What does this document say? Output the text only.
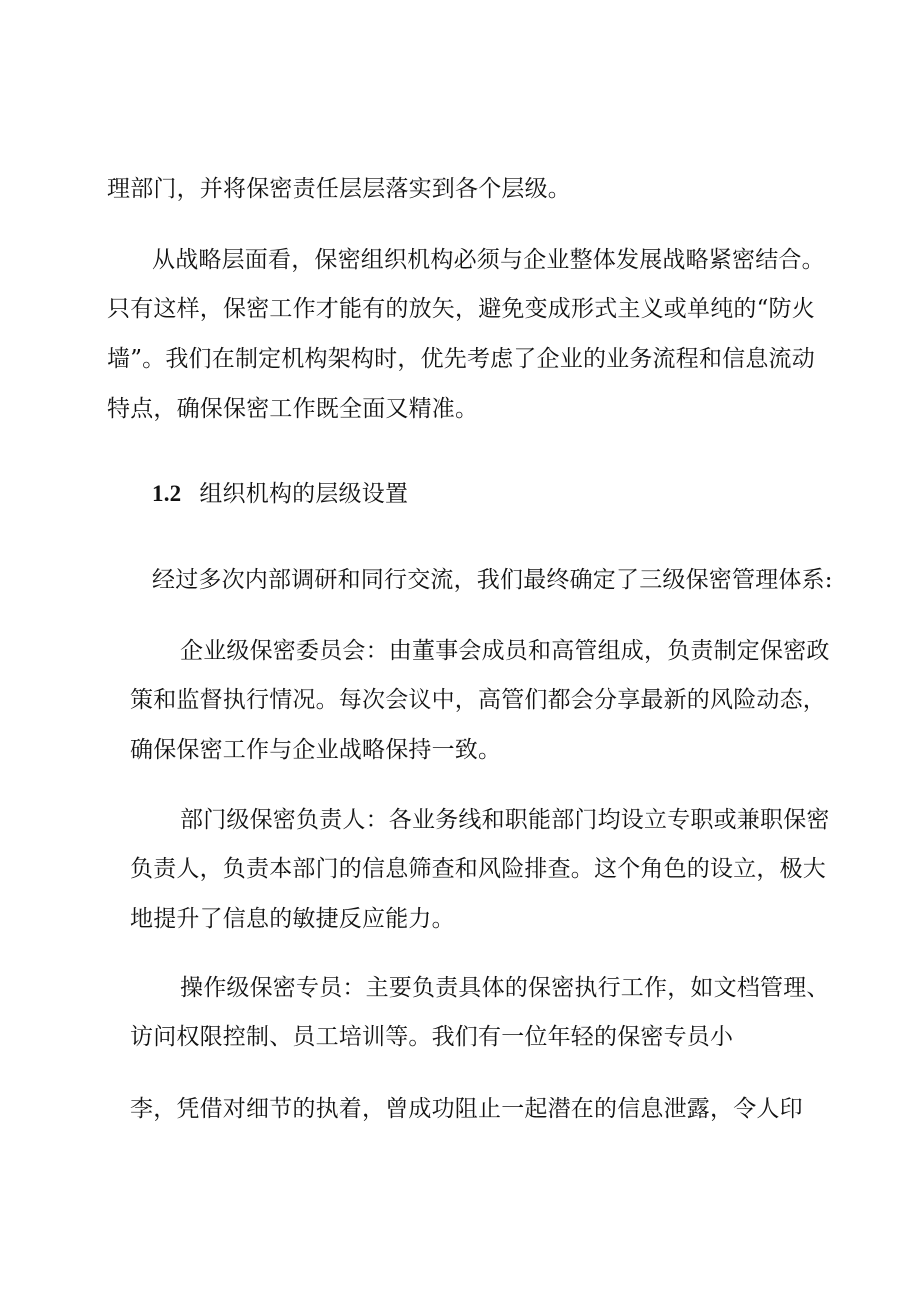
理部门，并将保密责任层层落实到各个层级。

从战略层面看，保密组织机构必须与企业整体发展战略紧密结合。

只有这样，保密工作才能有的放矢，避免变成形式主义或单纯的“防火

墙”。我们在制定机构架构时，优先考虑了企业的业务流程和信息流动

特点，确保保密工作既全面又精准。

1.2 组织机构的层级设置

经过多次内部调研和同行交流，我们最终确定了三级保密管理体系:

企业级保密委员会：由董事会成员和高管组成，负责制定保密政

策和监督执行情况。每次会议中，高管们都会分享最新的风险动态，

确保保密工作与企业战略保持一致。

部门级保密负责人：各业务线和职能部门均设立专职或兼职保密

负责人，负责本部门的信息筛查和风险排查。这个角色的设立，极大

地提升了信息的敏捷反应能力。

操作级保密专员：主要负责具体的保密执行工作，如文档管理、

访问权限控制、员工培训等。我们有一位年轻的保密专员小

李，凭借对细节的执着，曾成功阻止一起潜在的信息泄露，令人印
